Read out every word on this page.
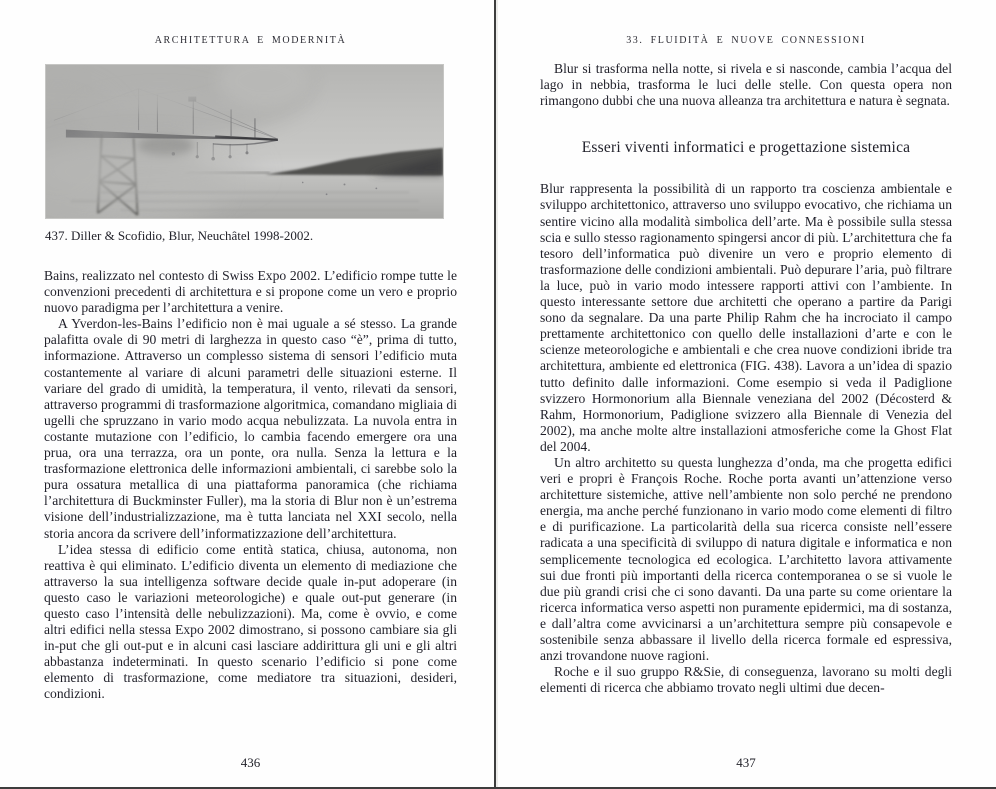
ARCHITETTURA E MODERNITÀ
437. Diller & Scofidio, Blur, Neuchâtel 1998-2002.

Bains, realizzato nel contesto di Swiss Expo 2002. L’edificio rompe tutte le convenzioni precedenti di architettura e si propone come un vero e proprio nuovo paradigma per l’architettura a venire.

A Yverdon-les-Bains l’edificio non è mai uguale a sé stesso. La grande palafitta ovale di 90 metri di larghezza in questo caso “è”, prima di tutto, informazione. Attraverso un complesso sistema di sensori l’edificio muta costantemente al variare di alcuni parametri delle situazioni esterne. Il variare del grado di umidità, la temperatura, il vento, rilevati da sensori, attraverso programmi di trasformazione algoritmica, comandano migliaia di ugelli che spruzzano in vario modo acqua nebulizzata. La nuvola entra in costante mutazione con l’edificio, lo cambia facendo emergere ora una prua, ora una terrazza, ora un ponte, ora nulla. Senza la lettura e la trasformazione elettronica delle informazioni ambientali, ci sarebbe solo la pura ossatura metallica di una piattaforma panoramica (che richiama l’architettura di Buckminster Fuller), ma la storia di Blur non è un’estrema visione dell’industrializzazione, ma è tutta lanciata nel XXI secolo, nella storia ancora da scrivere dell’informatizzazione dell’architettura.

L’idea stessa di edificio come entità statica, chiusa, autonoma, non reattiva è qui eliminato. L’edificio diventa un elemento di mediazione che attraverso la sua intelligenza software decide quale in-put adoperare (in questo caso le variazioni meteorologiche) e quale out-put generare (in questo caso l’intensità delle nebulizzazioni). Ma, come è ovvio, e come altri edifici nella stessa Expo 2002 dimostrano, si possono cambiare sia gli in-put che gli out-put e in alcuni casi lasciare addirittura gli uni e gli altri abbastanza indeterminati. In questo scenario l’edificio si pone come elemento di trasformazione, come mediatore tra situazioni, desideri, condizioni.

436
33. FLUIDITÀ E NUOVE CONNESSIONI

Blur si trasforma nella notte, si rivela e si nasconde, cambia l’acqua del lago in nebbia, trasforma le luci delle stelle. Con questa opera non rimangono dubbi che una nuova alleanza tra architettura e natura è segnata.

Esseri viventi informatici e progettazione sistemica

Blur rappresenta la possibilità di un rapporto tra coscienza ambientale e sviluppo architettonico, attraverso uno sviluppo evocativo, che richiama un sentire vicino alla modalità simbolica dell’arte. Ma è possibile sulla stessa scia e sullo stesso ragionamento spingersi ancor di più. L’architettura che fa tesoro dell’informatica può divenire un vero e proprio elemento di trasformazione delle condizioni ambientali. Può depurare l’aria, può filtrare la luce, può in vario modo intessere rapporti attivi con l’ambiente. In questo interessante settore due architetti che operano a partire da Parigi sono da segnalare. Da una parte Philip Rahm che ha incrociato il campo prettamente architettonico con quello delle installazioni d’arte e con le scienze meteorologiche e ambientali e che crea nuove condizioni ibride tra architettura, ambiente ed elettronica (FIG. 438). Lavora a un’idea di spazio tutto definito dalle informazioni. Come esempio si veda il Padiglione svizzero Hormonorium alla Biennale veneziana del 2002 (Décosterd & Rahm, Hormonorium, Padiglione svizzero alla Biennale di Venezia del 2002), ma anche molte altre installazioni atmosferiche come la Ghost Flat del 2004.

Un altro architetto su questa lunghezza d’onda, ma che progetta edifici veri e propri è François Roche. Roche porta avanti un’attenzione verso architetture sistemiche, attive nell’ambiente non solo perché ne prendono energia, ma anche perché funzionano in vario modo come elementi di filtro e di purificazione. La particolarità della sua ricerca consiste nell’essere radicata a una specificità di sviluppo di natura digitale e informatica e non semplicemente tecnologica ed ecologica. L’architetto lavora attivamente sui due fronti più importanti della ricerca contemporanea o se si vuole le due più grandi crisi che ci sono davanti. Da una parte su come orientare la ricerca informatica verso aspetti non puramente epidermici, ma di sostanza, e dall’altra come avvicinarsi a un’architettura sempre più consapevole e sostenibile senza abbassare il livello della ricerca formale ed espressiva, anzi trovandone nuove ragioni.

Roche e il suo gruppo R&Sie, di conseguenza, lavorano su molti degli elementi di ricerca che abbiamo trovato negli ultimi due decen-

437
